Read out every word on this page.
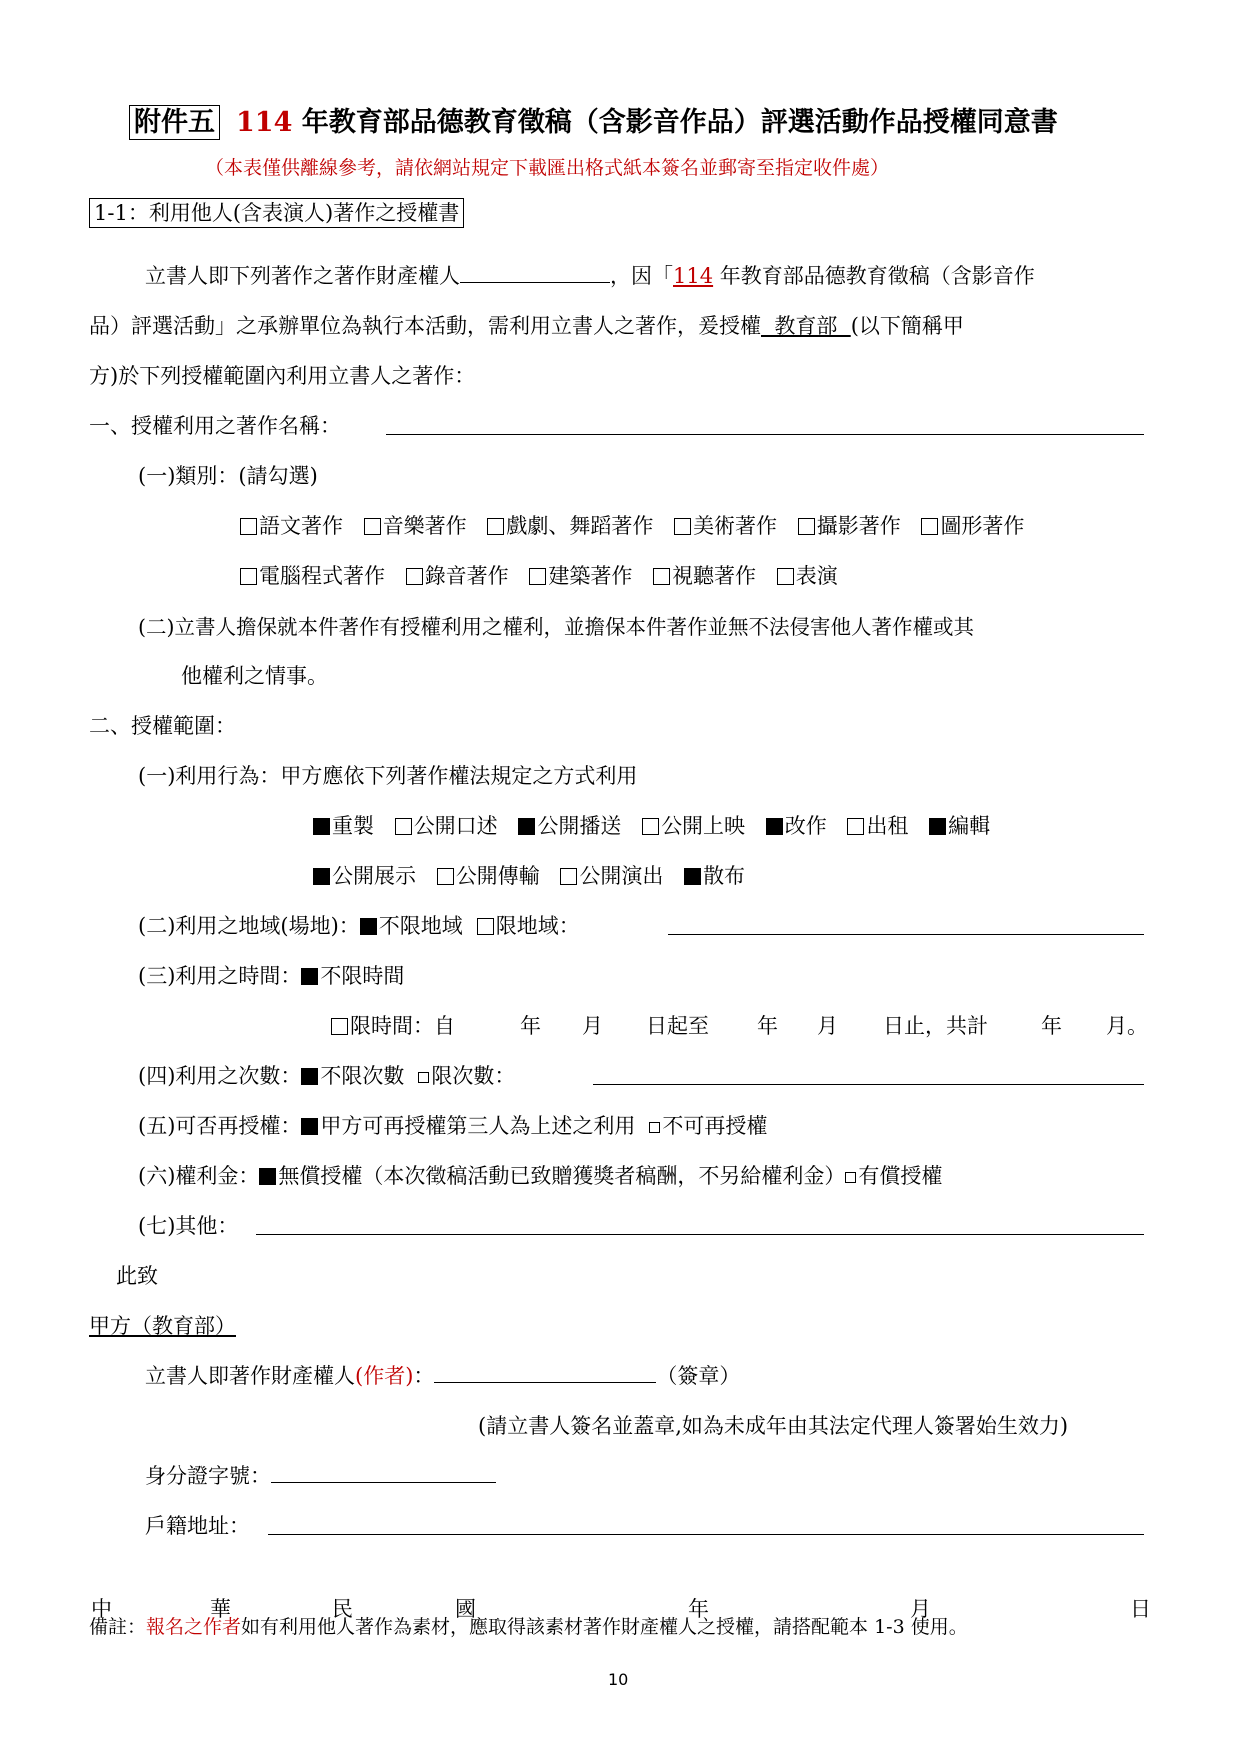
附件五 114 年教育部品德教育徵稿（含影音作品）評選活動作品授權同意書
（本表僅供離線參考，請依網站規定下載匯出格式紙本簽名並郵寄至指定收件處）
1-1：利用他人(含表演人)著作之授權書
立書人即下列著作之著作財產權人	，因「114 年教育部品德教育徵稿（含影音作
品）評選活動」之承辦單位為執行本活動，需利用立書人之著作，爰授權  教育部  (以下簡稱甲
方)於下列授權範圍內利用立書人之著作：
一、授權利用之著作名稱：
(一)類別：(請勾選)
語文著作 音樂著作 戲劇、舞蹈著作 美術著作 攝影著作 圖形著作
電腦程式著作 錄音著作 建築著作 視聽著作 表演
(二)立書人擔保就本件著作有授權利用之權利，並擔保本件著作並無不法侵害他人著作權或其
他權利之情事。
二、授權範圍：
(一)利用行為：甲方應依下列著作權法規定之方式利用
重製 公開口述 公開播送 公開上映 改作 出租 編輯
公開展示 公開傳輸 公開演出 散布
(二)利用之地域(場地)： 不限地域 限地域：
(三)利用之時間： 不限時間
限時間：自	年 月 日起至 年 月 日止，共計	年 月。
(四)利用之次數： 不限次數 限次數：
(五)可否再授權： 甲方可再授權第三人為上述之利用 不可再授權
(六)權利金： 無償授權（本次徵稿活動已致贈獲獎者稿酬，不另給權利金） 有償授權
(七)其他：
此致
甲方（教育部）
立書人即著作財產權人(作者)：	（簽章）
(請立書人簽名並蓋章,如為未成年由其法定代理人簽署始生效力)
身分證字號：
戶籍地址：
中	華	民	國	年	月	日
備註：報名之作者如有利用他人著作為素材，應取得該素材著作財產權人之授權，請搭配範本 1-3 使用。
10
